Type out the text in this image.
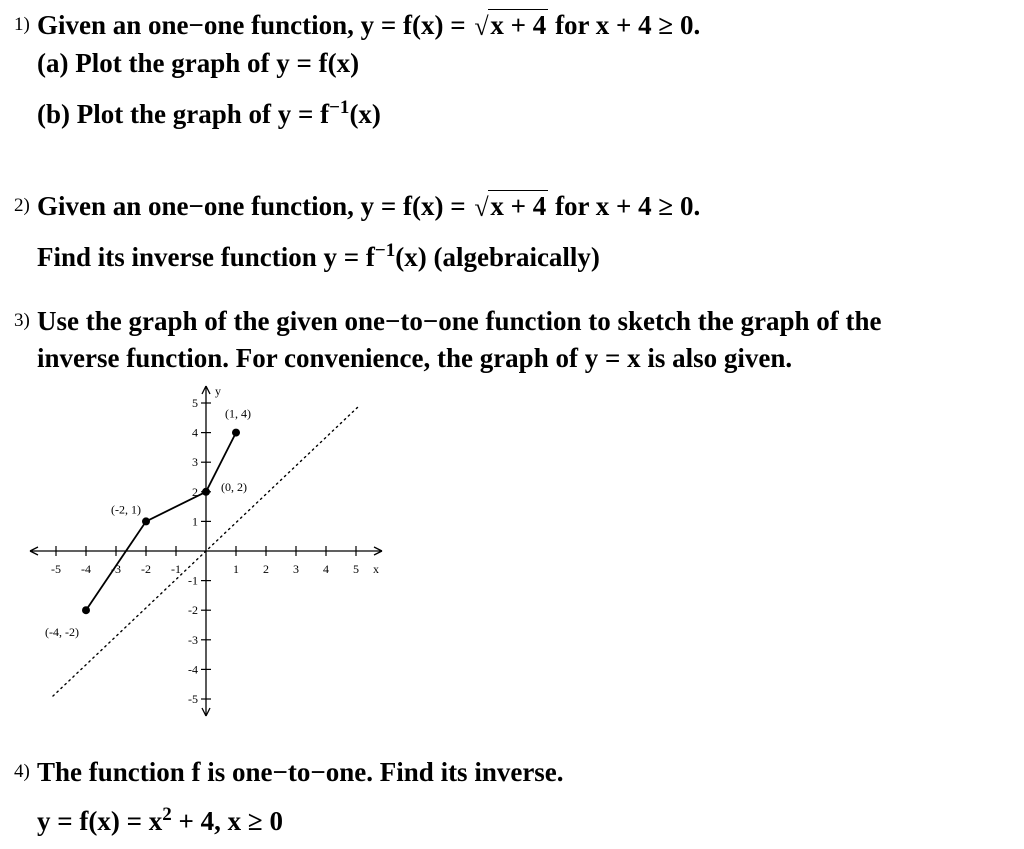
1) Given an one−one function, y = f(x) = √ x + 4 for x + 4 ≥ 0.
(a) Plot the graph of y = f(x)
(b) Plot the graph of $y = f^{-1}(x)$
2) Given an one−one function, y = f(x) = √ x + 4 for x + 4 ≥ 0.
Find its inverse function $y = f^{-1}(x)$ (algebraically)
3) Use the graph of the given one−to−one function to sketch the graph of the
inverse function. For convenience, the graph of y = x is also given.
-5 -4 -3 -2 -1	1 2 3 4 5 x
5
4
3
2
1
-1
-2
-3
-4
-5
y
(-4, -2)
(-2, 1)
(0, 2)
(1, 4)
4) The function f is one−to−one. Find its inverse.
$y = f(x) = x^2 + 4$, x ≥ 0
